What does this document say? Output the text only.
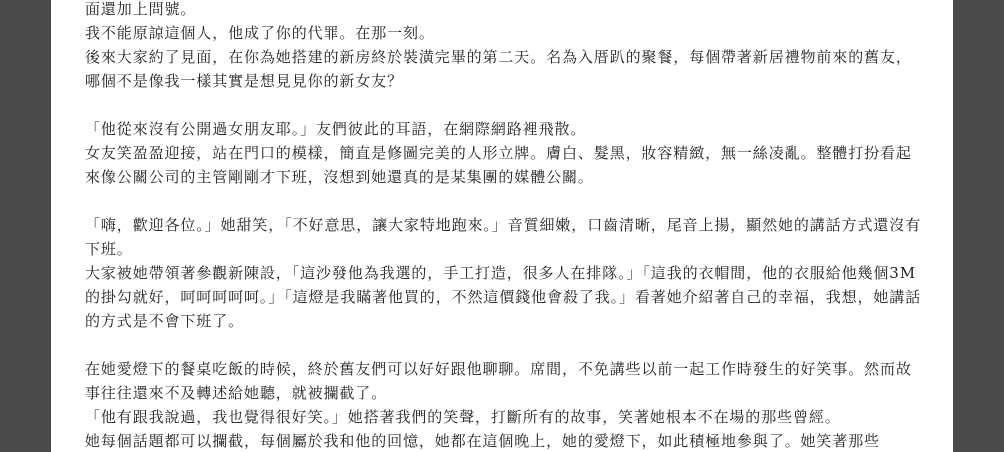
面還加上問號。

我不能原諒這個人，他成了你的代罪。在那一刻。

後來大家約了見面，在你為她搭建的新房終於裝潢完畢的第二天。名為入厝趴的聚餐，每個帶著新居禮物前來的舊友，哪個不是像我一樣其實是想見見你的新女友？

「他從來沒有公開過女朋友耶。」友們彼此的耳語，在網際網路裡飛散。

女友笑盈盈迎接，站在門口的模樣，簡直是修圖完美的人形立牌。膚白、髮黑，妝容精緻，無一絲凌亂。整體打扮看起來像公關公司的主管剛剛才下班，沒想到她還真的是某集團的媒體公關。

「嗨，歡迎各位。」她甜笑，「不好意思，讓大家特地跑來。」音質細嫩，口齒清晰，尾音上揚，顯然她的講話方式還沒有下班。

大家被她帶領著參觀新陳設，「這沙發他為我選的，手工打造，很多人在排隊。」「這我的衣帽間，他的衣服給他幾個3M的掛勾就好，呵呵呵呵呵。」「這燈是我瞞著他買的，不然這價錢他會殺了我。」看著她介紹著自己的幸福，我想，她講話的方式是不會下班了。

在她愛燈下的餐桌吃飯的時候，終於舊友們可以好好跟他聊聊。席間，不免講些以前一起工作時發生的好笑事。然而故事往往還來不及轉述給她聽，就被攔截了。

「他有跟我說過，我也覺得很好笑。」她搭著我們的笑聲，打斷所有的故事，笑著她根本不在場的那些曾經。

她每個話題都可以攔截，每個屬於我和他的回憶，她都在這個晚上，她的愛燈下，如此積極地參與了。她笑著那些
